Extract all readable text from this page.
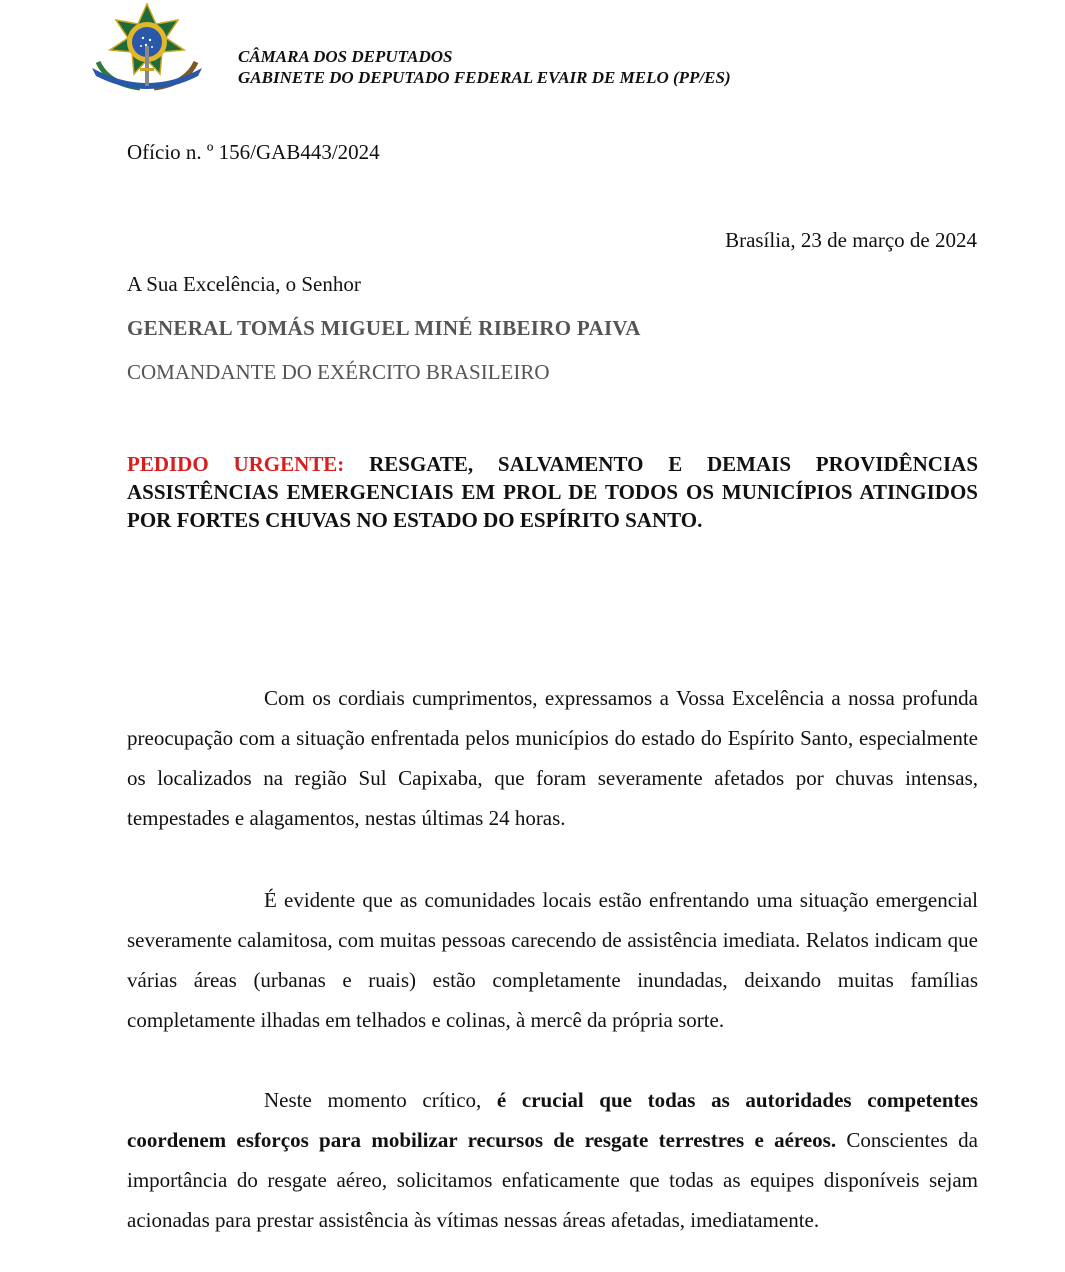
CÂMARA DOS DEPUTADOS
GABINETE DO DEPUTADO FEDERAL EVAIR DE MELO (PP/ES)
Ofício n. º 156/GAB443/2024
Brasília, 23 de março de 2024
A Sua Excelência, o Senhor
GENERAL TOMÁS MIGUEL MINÉ RIBEIRO PAIVA
COMANDANTE DO EXÉRCITO BRASILEIRO
PEDIDO URGENTE: RESGATE, SALVAMENTO E DEMAIS PROVIDÊNCIAS ASSISTÊNCIAS EMERGENCIAIS EM PROL DE TODOS OS MUNICÍPIOS ATINGIDOS POR FORTES CHUVAS NO ESTADO DO ESPÍRITO SANTO.
Com os cordiais cumprimentos, expressamos a Vossa Excelência a nossa profunda preocupação com a situação enfrentada pelos municípios do estado do Espírito Santo, especialmente os localizados na região Sul Capixaba, que foram severamente afetados por chuvas intensas, tempestades e alagamentos, nestas últimas 24 horas.
É evidente que as comunidades locais estão enfrentando uma situação emergencial severamente calamitosa, com muitas pessoas carecendo de assistência imediata. Relatos indicam que várias áreas (urbanas e ruais) estão completamente inundadas, deixando muitas famílias completamente ilhadas em telhados e colinas, à mercê da própria sorte.
Neste momento crítico, é crucial que todas as autoridades competentes coordenem esforços para mobilizar recursos de resgate terrestres e aéreos. Conscientes da importância do resgate aéreo, solicitamos enfaticamente que todas as equipes disponíveis sejam acionadas para prestar assistência às vítimas nessas áreas afetadas, imediatamente.
